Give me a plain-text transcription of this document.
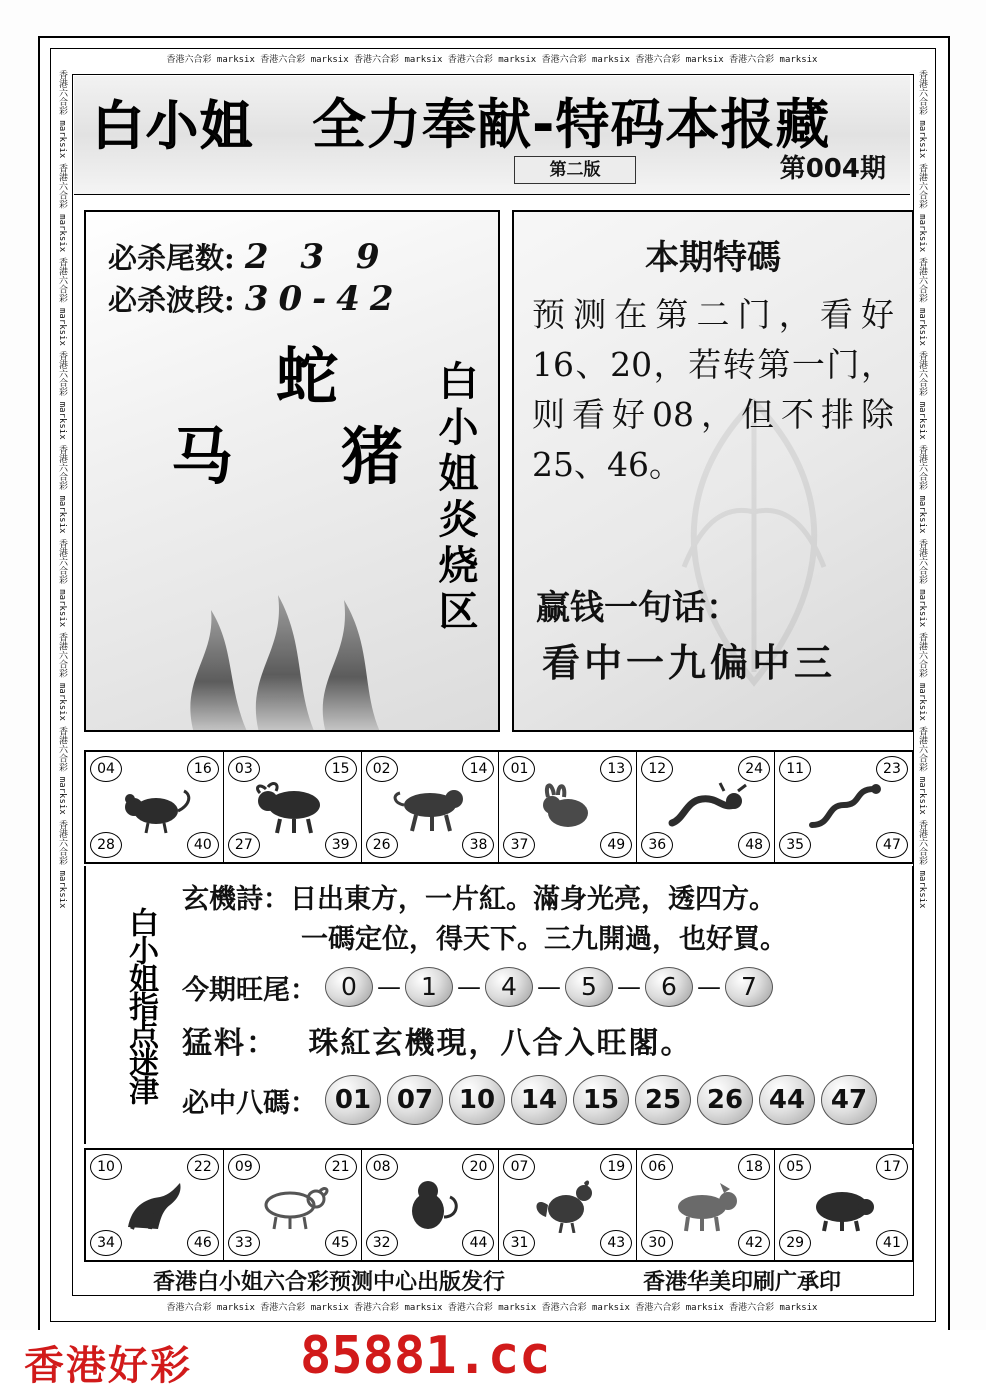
香港六合彩 marksix 香港六合彩 marksix 香港六合彩 marksix 香港六合彩 marksix 香港六合彩 marksix 香港六合彩 marksix 香港六合彩 marksix
香港六合彩 marksix 香港六合彩 marksix 香港六合彩 marksix 香港六合彩 marksix 香港六合彩 marksix 香港六合彩 marksix 香港六合彩 marksix
香港六合彩 marksix 香港六合彩 marksix 香港六合彩 marksix 香港六合彩 marksix 香港六合彩 marksix 香港六合彩 marksix 香港六合彩 marksix 香港六合彩 marksix 香港六合彩 marksix	香港六合彩 marksix 香港六合彩 marksix 香港六合彩 marksix 香港六合彩 marksix 香港六合彩 marksix 香港六合彩 marksix 香港六合彩 marksix 香港六合彩 marksix 香港六合彩 marksix
白小姐 全力奉献-特码本报藏
第二版	第004期
必杀尾数: 2 3 9
必杀波段: 30-42
蛇
马 猪 白小姐炎烧区
本期特碼
预测在第二门，看好16、20，若转第一门，则看好08，但不排除25、46。
赢钱一句话：
看中一九偏中三
04	16
28	40
03	15
27	39
02	14
26	38
01	13
37	49
12	24
36	48
11	23
35	47
白小姐指点迷津
玄機詩：日出東方，一片紅。滿身光亮，透四方。
一碼定位，得天下。三九開過，也好買。
今期旺尾： 0 — 1 — 4 — 5 — 6 — 7
猛料： 珠紅玄機現，八合入旺閣。
必中八碼： 01 07 10 14 15 25 26 44 47
10	22
34	46
09	21
33	45
08	20
32	44
07	19
31	43
06	18
30	42
05	17
29	41
香港白小姐六合彩预测中心出版发行	香港华美印刷广承印
香港好彩 85881.cc
